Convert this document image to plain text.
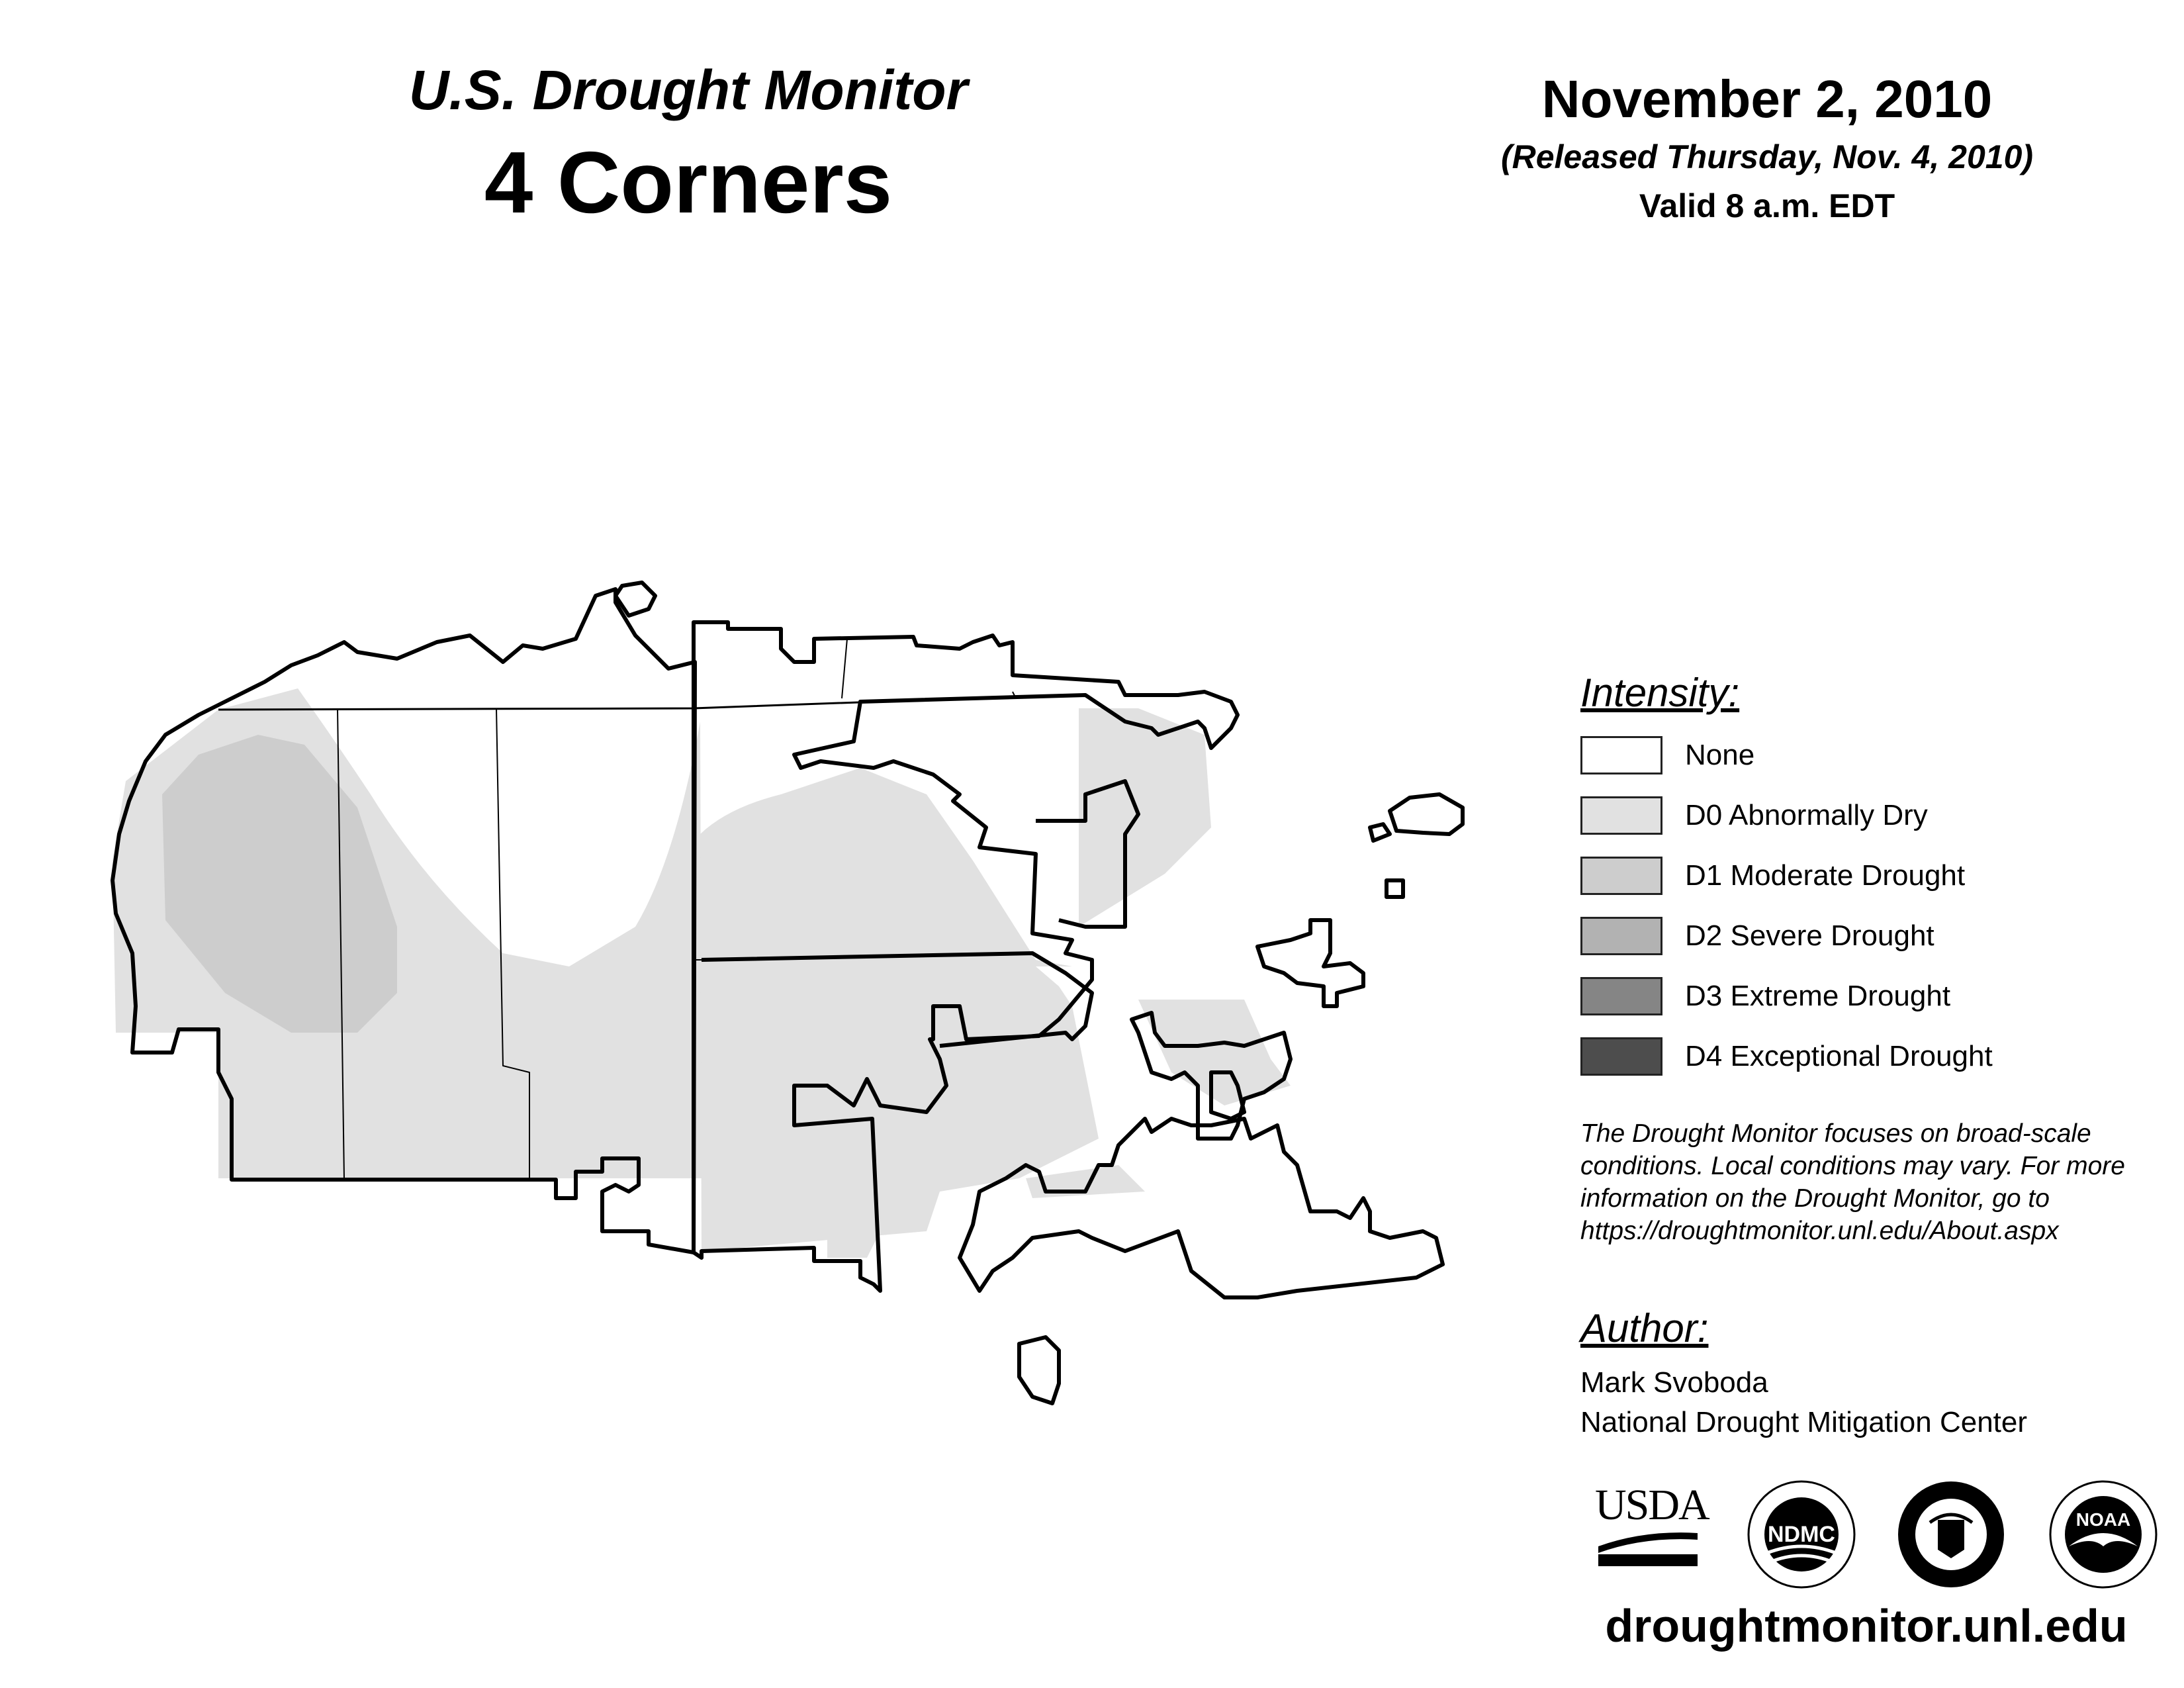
U.S. Drought Monitor
4 Corners
November 2, 2010
(Released Thursday, Nov. 4, 2010)
Valid 8 a.m. EDT
Intensity:
None
D0 Abnormally Dry
D1 Moderate Drought
D2 Severe Drought
D3 Extreme Drought
D4 Exceptional Drought
The Drought Monitor focuses on broad-scale
conditions. Local conditions may vary. For more
information on the Drought Monitor, go to
https://droughtmonitor.unl.edu/About.aspx
Author:
Mark Svoboda
National Drought Mitigation Center
USDA
NDMC
NOAA
droughtmonitor.unl.edu
